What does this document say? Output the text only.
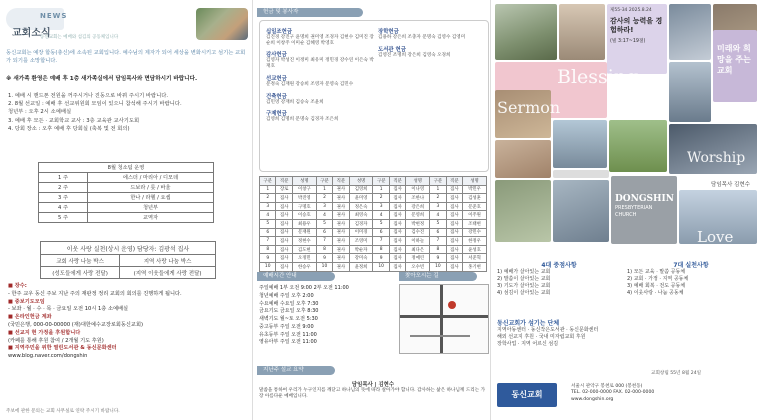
NEWS
교회소식
동신교회는 예배와 섬김의 공동체입니다
동신교회는 예장 합동(총신)에 소속된 교회입니다. 예수님의 제자가 되어 세상을 변화시키고 섬기는 교회가 되기를 소망합니다.
※ 새가족 환영은 예배 후 1층 새가족실에서 담임목사와 면담하시기 바랍니다.
1. 예배 시 핸드폰 전원을 꺼주시거나 진동으로 바꿔 주시기 바랍니다.
2. 8월 선교일 : 예배 후 선교위원회 모임이 있으니 참석해 주시기 바랍니다.
청년부 : 오후 2시 소예배실
3. 예배 후 모든 · 교회학교 교사 : 3층 교육관 교사기도회
4. 당회 장소 : 오후 예배 후 당회실 (축복 및 전 회의)
8월 청소팀 운영	
1 주	에스더 / 마리아 / 디모데
2 주	드보라 / 룻 / 바울
3 주	한나 / 라헬 / 요셉
4 주	청년부
5 주	교역자
이웃 사랑 실천(상시 운영) 담당자: 김광석 집사	
교회 사랑 나눔 박스	지역 사랑 나눔 박스
(성도들에게 사랑 전달)	(지역 이웃들에게 사랑 전달)
■ 장수:
- 한주 교우 동신 주보 지난 주의 재판정 정리 교회의 회의를 진행하게 됩니다.
■ 중보기도모임
- 보좌 · 월 · 수 · 목 · 금요일 오전 10시 1층 소예배실
■ 온라인헌금 계좌
(국민은행, 000-00-00000 (재)대한예수교장로회동신교회)
■ 선교지 현 가정을 후원합니다
(카페를 통해 후원 참여 / 2개월 기도 후원)
■ 지역주민을 위한 열린도서관 & 동신문화센터
www.blog.naver.com/dongshin
주보에 관한 문의는 교회 사무실로 연락 주시기 바랍니다.
헌금 및 봉사자
십일조헌금
김진경 강진구 윤명희 권미영 조경자 김현수 김미진 장순희 이창주 이미순 김혜영 박영호
감사헌금
김영자 박성진 이정미 최유미 정민경 강수연 이은숙 박재호
선교헌금
문정숙 김재원 강승희 조영자 문영숙 김민수
건축헌금
김민영 강재희 김승숙 조윤희
구제헌금
김영희 김명희 문명숙 김경자 조은희
장학헌금
김용하 강은희 조충자 문명숙 김영수 김영미
도서관 헌금
김영진 조명희 강은희 김영숙 오경희
구분	직분	성명	구분	직분	성명	구분	직분	성명	구분	직분	성명
1	장로	이창구	1	권사	김영희	1	집사	이나영	1	집사	박민우
2	집사	박진영	2	권사	윤미영	2	집사	조한나	2	집사	김성훈
3	집사	구명호	3	권사	정은숙	3	집사	강은희	3	집사	문준호
4	집사	이승호	4	권사	최영숙	4	집사	문영희	4	집사	이주원
5	집사	최용우	5	권사	김경자	5	집사	박현정	5	집사	조태현
6	집사	문재원	6	권사	이미경	6	집사	김수진	6	집사	강민수
7	집사	정현수	7	권사	조영미	7	집사	이하늘	7	집사	한정우
8	집사	김도현	8	권사	박순자	8	집사	최다은	8	집사	윤성호
9	집사	오정민	9	권사	강미숙	9	집사	정예린	9	집사	서준혁
10	집사	한승우	10	권사	윤정희	10	집사	오수빈	10	집사	홍기현
예배시간 안내	찾아오시는 길
주일예배 1부 오전 9:00 2부 오전 11:00
청년예배 주일 오후 2:00
수요예배 수요일 오후 7:30
금요기도 금요일 오후 8:30
새벽기도 월~토 오전 5:30
중고등부 주일 오전 9:00
유초등부 주일 오전 11:00
영유아부 주일 오전 11:00
지난주 설교 요약
담임목사 | 김현수
말씀을 통하여 우리가 누구인지를 깨닫고 하나님의 뜻에 따라 살아가야 합니다. 감사하는 삶은 하나님께 드리는 가장 아름다운 예배입니다.
제55-34 2025.8.24
감사의 능력을 경험하라!
(빌 3:17~19절)
Blessing
미래와 희망을 주는 교회
Sermon
Worship
담임목사 김현수
DONGSHIN
PRESBYTERIAN
CHURCH
Love
4대 중점사항
1) 예배가 살아있는 교회
2) 말씀이 살아있는 교회
3) 기도가 살아있는 교회
4) 섬김이 살아있는 교회
7대 실천사항
1) 모든 교육 · 말씀 공동체
2) 교회 · 가정 · 지역 공동체
3) 예배 회복 · 전도 공동체
4) 이웃사랑 · 나눔 공동체
동신교회가 섬기는 단체
지역아동센터 · 동신작은도서관 · 동신문화센터
해외 선교지 후원 · 국내 미자립교회 후원
장학사업 · 지역 어르신 섬김
교회창립 55년 8월 24일
동신교회
서울시 관악구 봉천로 000 (봉천동)
TEL. 02-000-0000 FAX. 02-000-0000
www.dongshin.org
